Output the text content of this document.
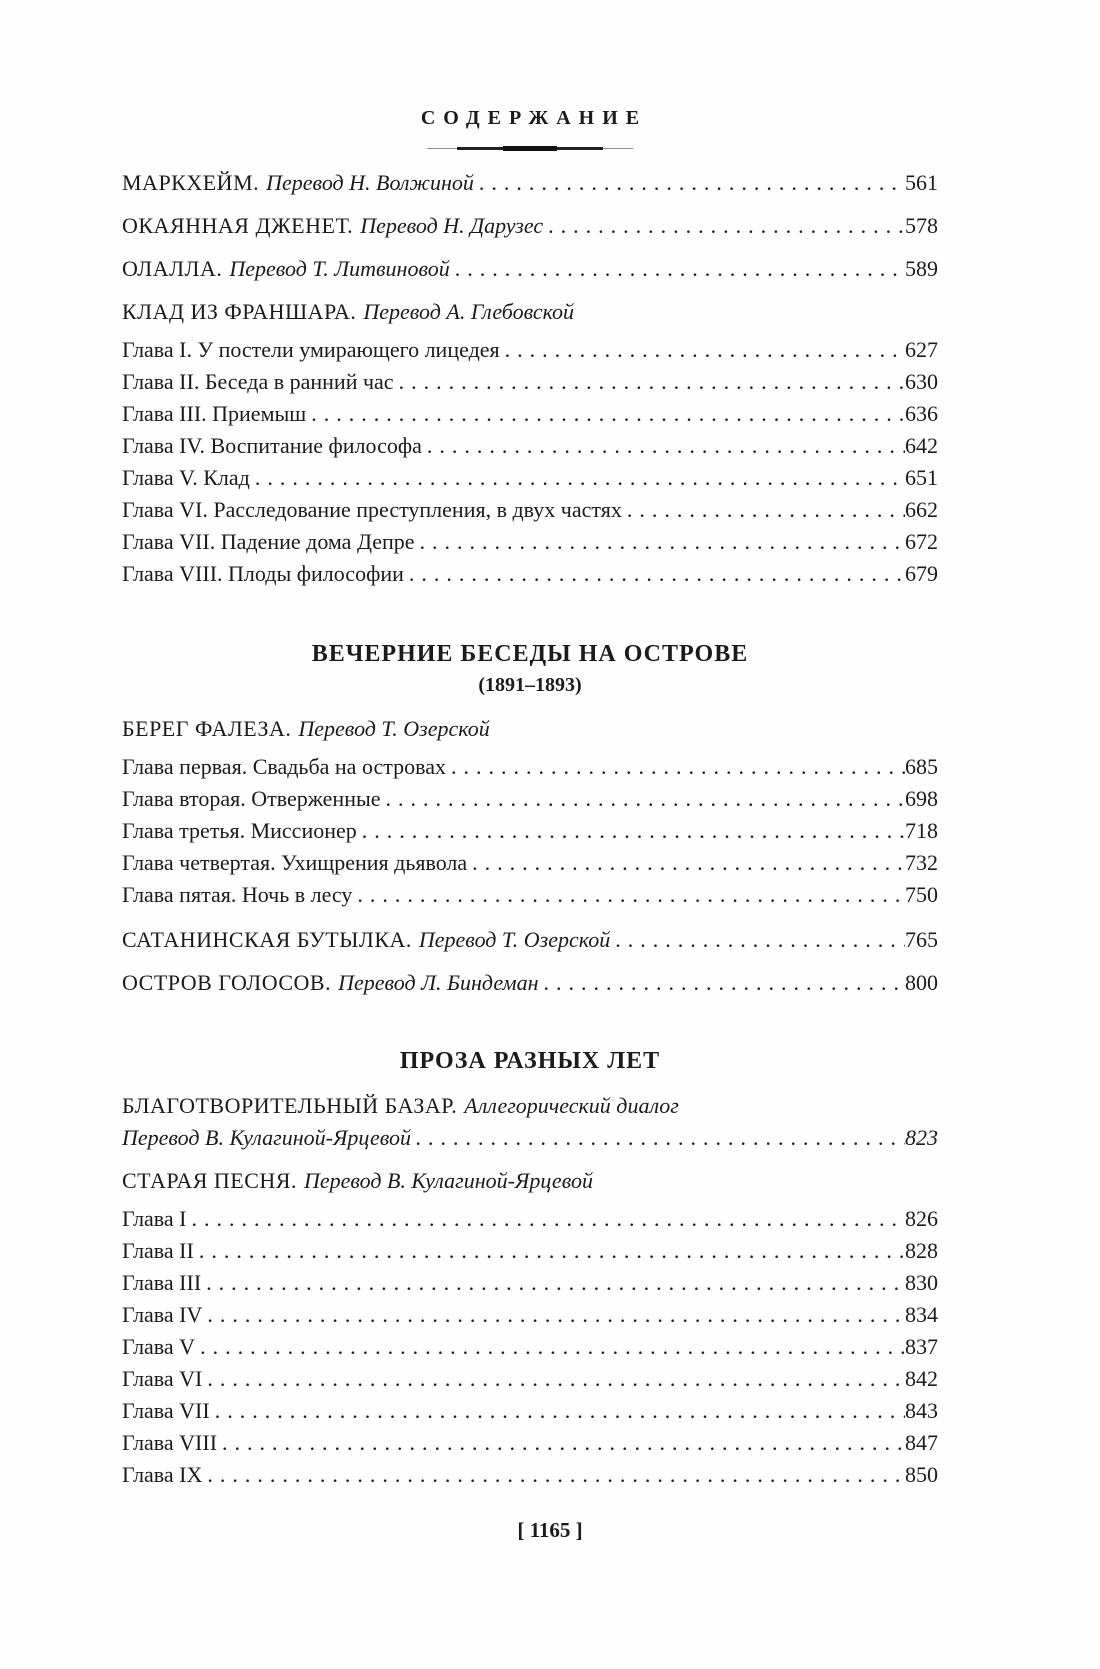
СОДЕРЖАНИЕ
МАРКХЕЙМ. Перевод Н. Волжиной .....	561
ОКАЯННАЯ ДЖЕНЕТ. Перевод Н. Дарузес .....	578
ОЛАЛЛА. Перевод Т. Литвиновой .....	589
КЛАД ИЗ ФРАНШАРА. Перевод А. Глебовской
Глава I. У постели умирающего лицедея .....	627
Глава II. Беседа в ранний час .....	630
Глава III. Приемыш .....	636
Глава IV. Воспитание философа .....	642
Глава V. Клад .....	651
Глава VI. Расследование преступления, в двух частях .....	662
Глава VII. Падение дома Депре .....	672
Глава VIII. Плоды философии .....	679
ВЕЧЕРНИЕ БЕСЕДЫ НА ОСТРОВЕ
(1891–1893)
БЕРЕГ ФАЛЕЗА. Перевод Т. Озерской
Глава первая. Свадьба на островах .....	685
Глава вторая. Отверженные .....	698
Глава третья. Миссионер .....	718
Глава четвертая. Ухищрения дьявола .....	732
Глава пятая. Ночь в лесу .....	750
САТАНИНСКАЯ БУТЫЛКА. Перевод Т. Озерской .....	765
ОСТРОВ ГОЛОСОВ. Перевод Л. Биндеман .....	800
ПРОЗА РАЗНЫХ ЛЕТ
БЛАГОТВОРИТЕЛЬНЫЙ БАЗАР. Аллегорический диалог
Перевод В. Кулагиной-Ярцевой .....	823
СТАРАЯ ПЕСНЯ. Перевод В. Кулагиной-Ярцевой
Глава I .....	826
Глава II .....	828
Глава III .....	830
Глава IV .....	834
Глава V .....	837
Глава VI .....	842
Глава VII .....	843
Глава VIII .....	847
Глава IX .....	850
[ 1165 ]
